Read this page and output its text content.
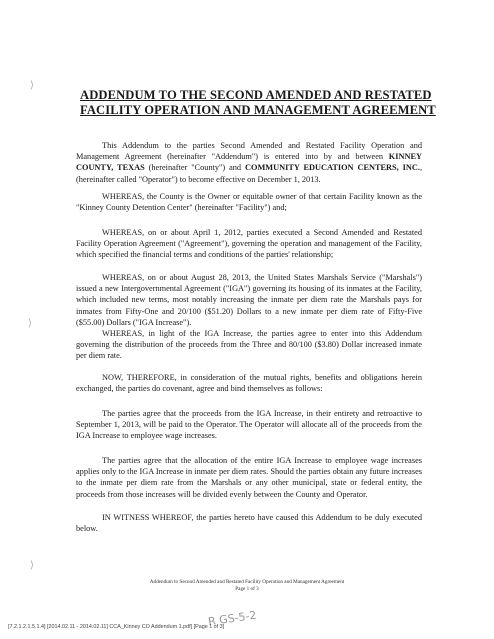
⟩
⟩
⟩
ADDENDUM TO THE SECOND AMENDED AND RESTATED
FACILITY OPERATION AND MANAGEMENT AGREEMENT

This Addendum to the parties Second Amended and Restated Facility Operation and Management Agreement (hereinafter "Addendum") is entered into by and between KINNEY COUNTY, TEXAS (hereinafter "County") and COMMUNITY EDUCATION CENTERS, INC., (hereinafter called "Operator") to become effective on December 1, 2013.

WHEREAS, the County is the Owner or equitable owner of that certain Facility known as the "Kinney County Detention Center" (hereinafter "Facility") and;

WHEREAS, on or about April 1, 2012, parties executed a Second Amended and Restated Facility Operation Agreement ("Agreement"), governing the operation and management of the Facility, which specified the financial terms and conditions of the parties' relationship;

WHEREAS, on or about August 28, 2013, the United States Marshals Service ("Marshals") issued a new Intergovernmental Agreement ("IGA") governing its housing of its inmates at the Facility, which included new terms, most notably increasing the inmate per diem rate the Marshals pays for inmates from Fifty-One and 20/100 ($51.20) Dollars to a new inmate per diem rate of Fifty-Five ($55.00) Dollars ("IGA Increase").

WHEREAS, in light of the IGA Increase, the parties agree to enter into this Addendum governing the distribution of the proceeds from the Three and 80/100 ($3.80) Dollar increased inmate per diem rate.

NOW, THEREFORE, in consideration of the mutual rights, benefits and obligations herein exchanged, the parties do covenant, agree and bind themselves as follows:

The parties agree that the proceeds from the IGA Increase, in their entirety and retroactive to September 1, 2013, will be paid to the Operator. The Operator will allocate all of the proceeds from the IGA Increase to employee wage increases.

The parties agree that the allocation of the entire IGA Increase to employee wage increases applies only to the IGA Increase in inmate per diem rates. Should the parties obtain any future increases to the inmate per diem rate from the Marshals or any other municipal, state or federal entity, the proceeds from those increases will be divided evenly between the County and Operator.

IN WITNESS WHEREOF, the parties hereto have caused this Addendum to be duly executed below.

Addendum to Second Amended and Restated Facility Operation and Management Agreement
Page 1 of 3
R GS-5-2
[7.2.1.2.1.5.1.4] [2014.02.11 - 2014.02.11] CCA_Kinney CO Addendum 1.pdf] [Page 1 of 3]
